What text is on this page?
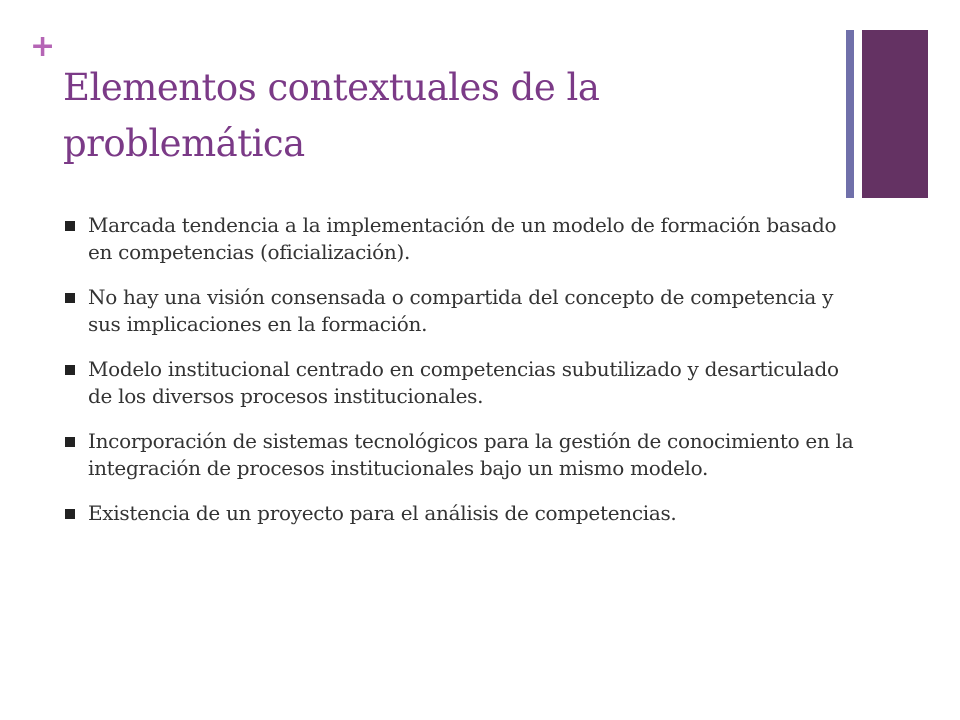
+
Elementos contextuales de la problemática
Marcada tendencia a la implementación de un modelo de formación basado en competencias (oficialización).
No hay una visión consensada o compartida del concepto de competencia y sus implicaciones en la formación.
Modelo institucional centrado en competencias subutilizado y desarticulado de los diversos procesos institucionales.
Incorporación de sistemas tecnológicos para la gestión de conocimiento en la integración de procesos institucionales bajo un mismo modelo.
Existencia de un proyecto para el análisis de competencias.
